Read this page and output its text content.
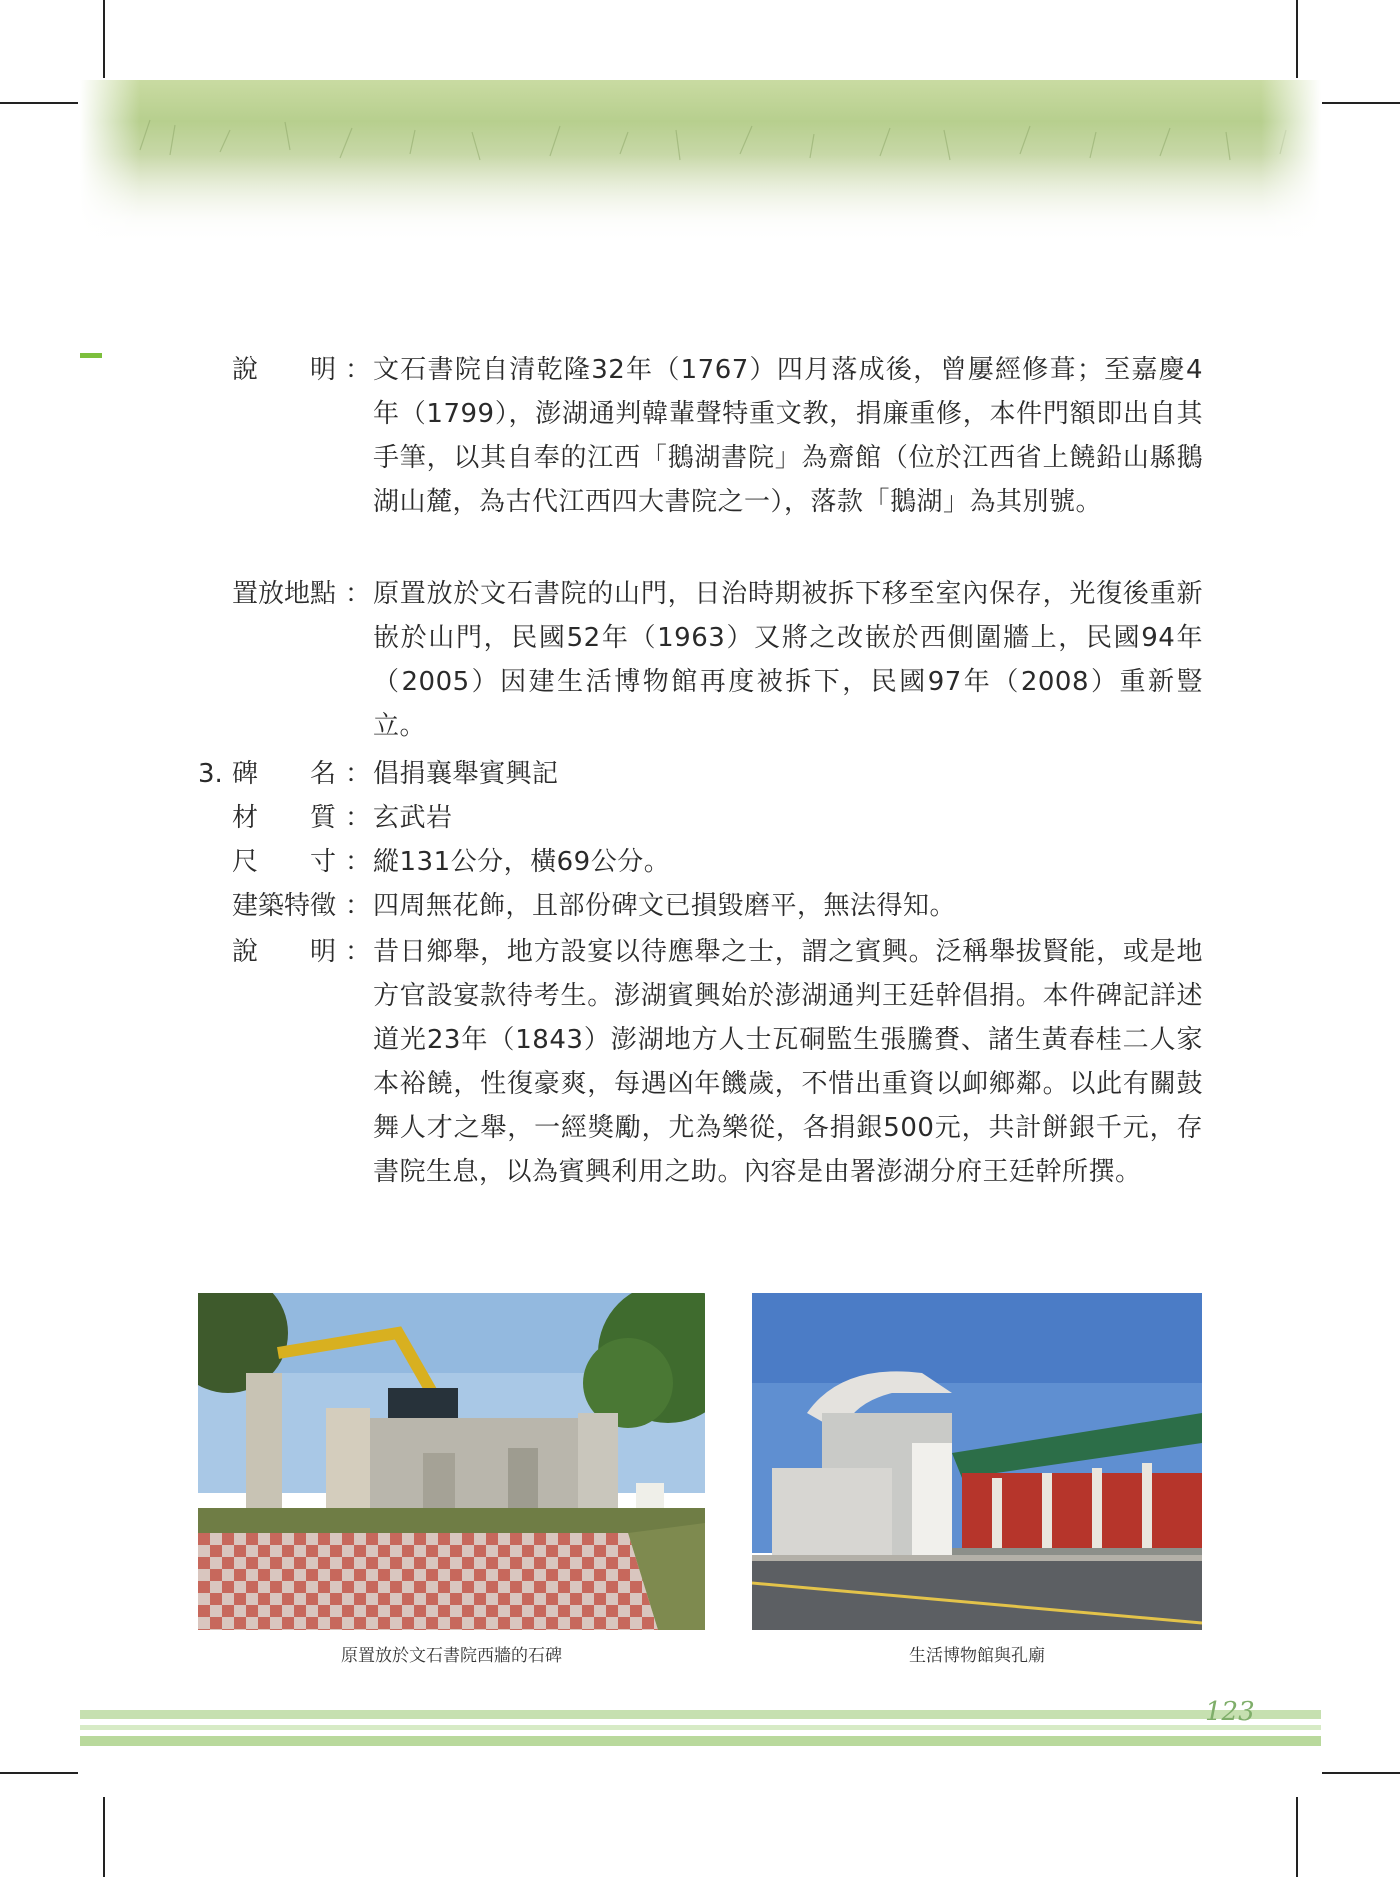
說　　明 ： 文石書院自清乾隆32年（1767）四月落成後，曾屢經修葺；至嘉慶4年（1799），澎湖通判韓輩聲特重文教，捐廉重修，本件門額即出自其手筆，以其自奉的江西「鵝湖書院」為齋館（位於江西省上饒鉛山縣鵝湖山麓，為古代江西四大書院之一），落款「鵝湖」為其別號。
置放地點 ： 原置放於文石書院的山門，日治時期被拆下移至室內保存，光復後重新嵌於山門，民國52年（1963）又將之改嵌於西側圍牆上，民國94年（2005）因建生活博物館再度被拆下，民國97年（2008）重新豎立。
3. 碑　　名 ： 倡捐襄舉賓興記
材　　質 ： 玄武岩
尺　　寸 ： 縱131公分，橫69公分。
建築特徵 ： 四周無花飾，且部份碑文已損毀磨平，無法得知。
說　　明 ： 昔日鄉舉，地方設宴以待應舉之士，謂之賓興。泛稱舉拔賢能，或是地方官設宴款待考生。澎湖賓興始於澎湖通判王廷幹倡捐。本件碑記詳述道光23年（1843）澎湖地方人士瓦硐監生張騰賚、諸生黃春桂二人家本裕饒，性復豪爽，每遇凶年饑歲，不惜出重資以卹鄉鄰。以此有關鼓舞人才之舉，一經獎勵，尤為樂從，各捐銀500元，共計餅銀千元，存書院生息，以為賓興利用之助。內容是由署澎湖分府王廷幹所撰。
原置放於文石書院西牆的石碑	生活博物館與孔廟
123
